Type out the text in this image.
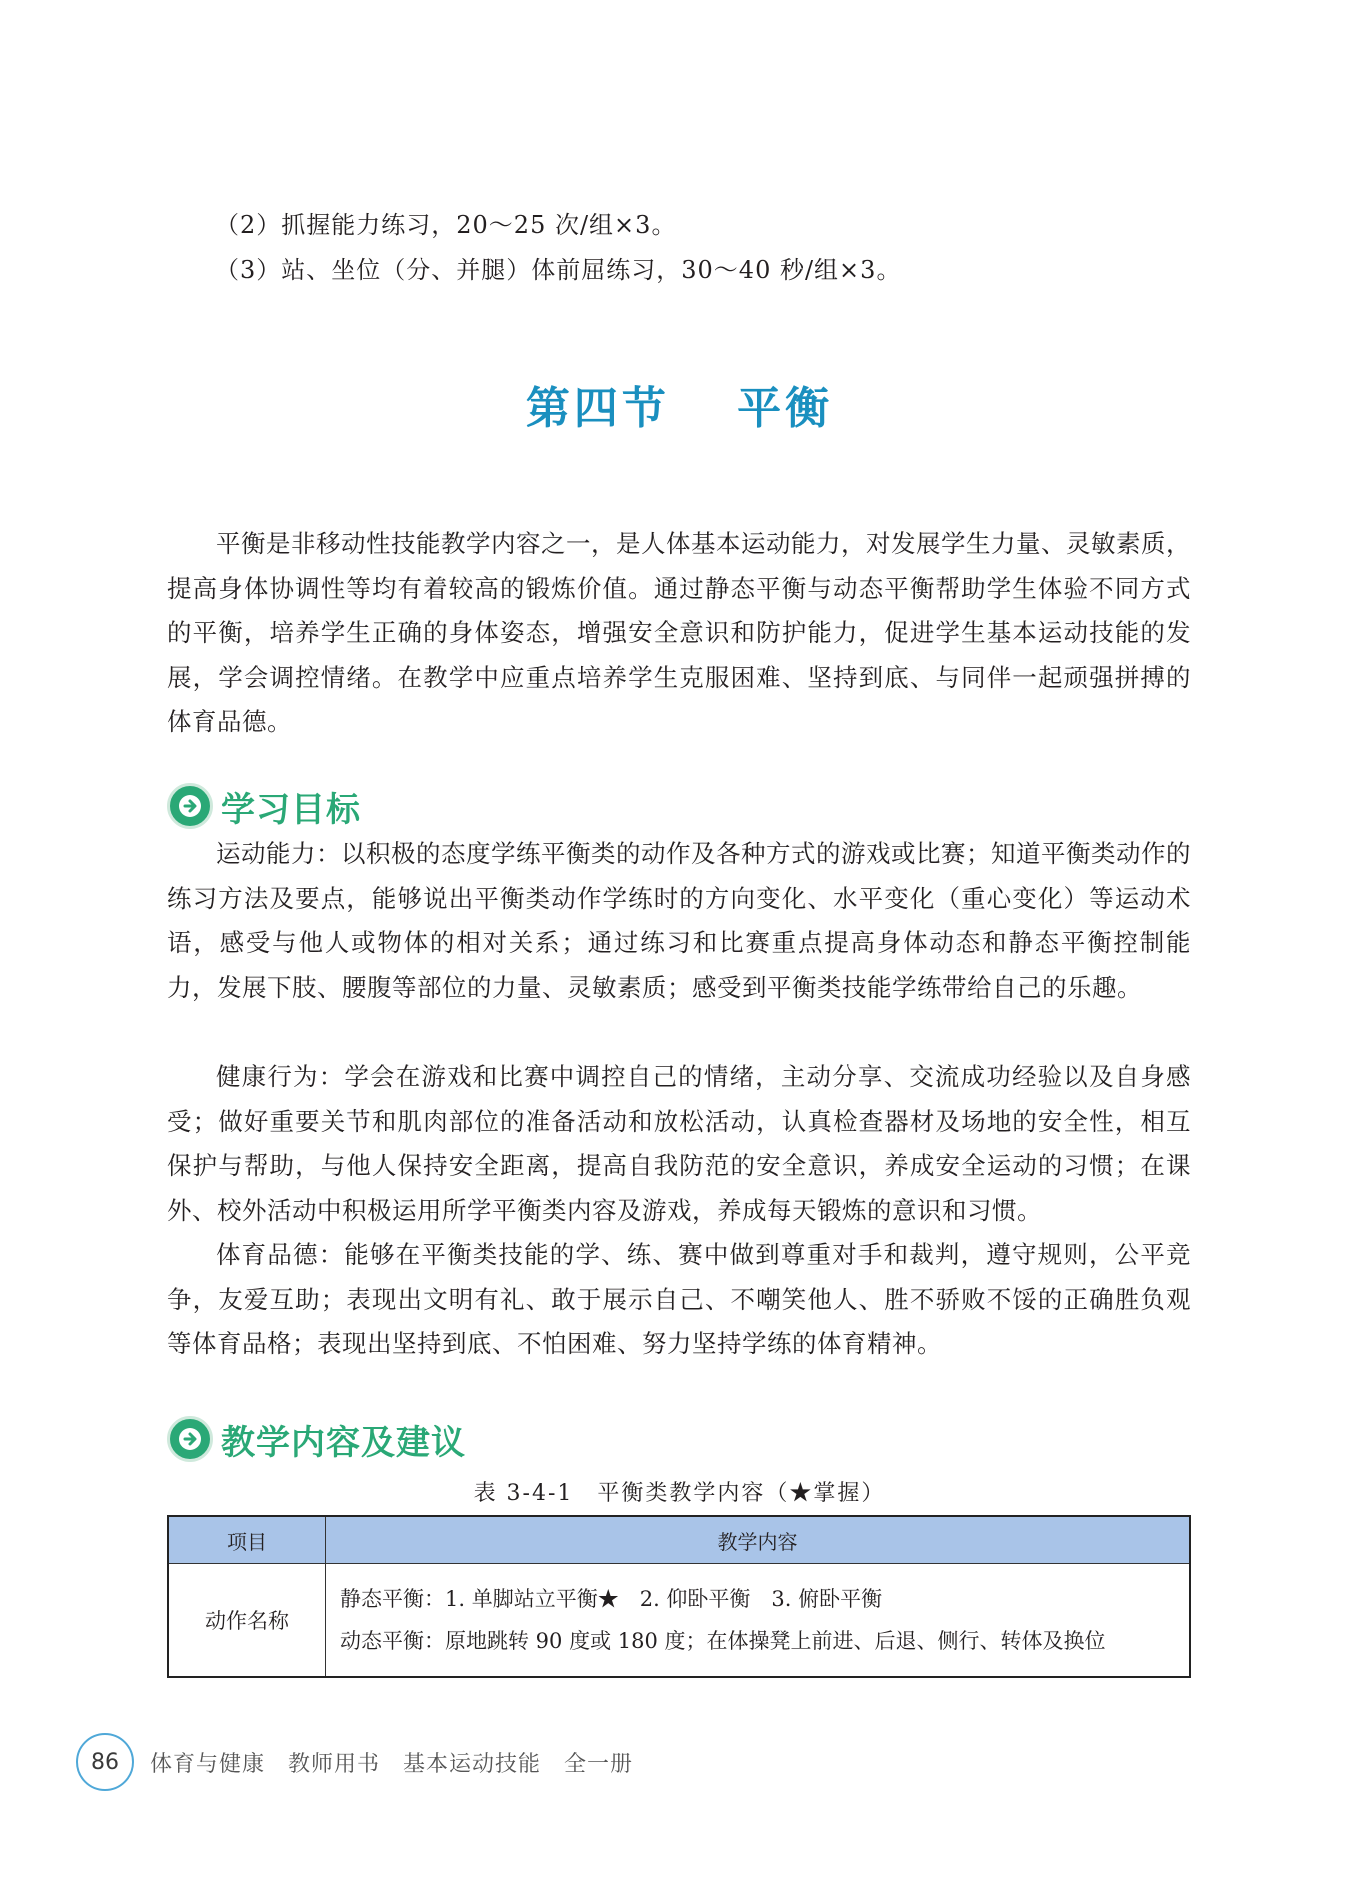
（2）抓握能力练习，20～25 次/组×3。
（3）站、坐位（分、并腿）体前屈练习，30～40 秒/组×3。
第四节　 平衡

平衡是非移动性技能教学内容之一，是人体基本运动能力，对发展学生力量、灵敏素质，提高身体协调性等均有着较高的锻炼价值。通过静态平衡与动态平衡帮助学生体验不同方式的平衡，培养学生正确的身体姿态，增强安全意识和防护能力，促进学生基本运动技能的发展，学会调控情绪。在教学中应重点培养学生克服困难、坚持到底、与同伴一起顽强拼搏的体育品德。

学习目标

运动能力：以积极的态度学练平衡类的动作及各种方式的游戏或比赛；知道平衡类动作的练习方法及要点，能够说出平衡类动作学练时的方向变化、水平变化（重心变化）等运动术语，感受与他人或物体的相对关系；通过练习和比赛重点提高身体动态和静态平衡控制能力，发展下肢、腰腹等部位的力量、灵敏素质；感受到平衡类技能学练带给自己的乐趣。

健康行为：学会在游戏和比赛中调控自己的情绪，主动分享、交流成功经验以及自身感受；做好重要关节和肌肉部位的准备活动和放松活动，认真检查器材及场地的安全性，相互保护与帮助，与他人保持安全距离，提高自我防范的安全意识，养成安全运动的习惯；在课外、校外活动中积极运用所学平衡类内容及游戏，养成每天锻炼的意识和习惯。

体育品德：能够在平衡类技能的学、练、赛中做到尊重对手和裁判，遵守规则，公平竞争，友爱互助；表现出文明有礼、敢于展示自己、不嘲笑他人、胜不骄败不馁的正确胜负观等体育品格；表现出坚持到底、不怕困难、努力坚持学练的体育精神。

教学内容及建议
表 3-4-1　平衡类教学内容（★掌握）
项目	教学内容
动作名称	静态平衡：1. 单脚站立平衡★　2. 仰卧平衡　3. 俯卧平衡
动态平衡：原地跳转 90 度或 180 度；在体操凳上前进、后退、侧行、转体及换位
86	体育与健康　教师用书　基本运动技能　全一册
